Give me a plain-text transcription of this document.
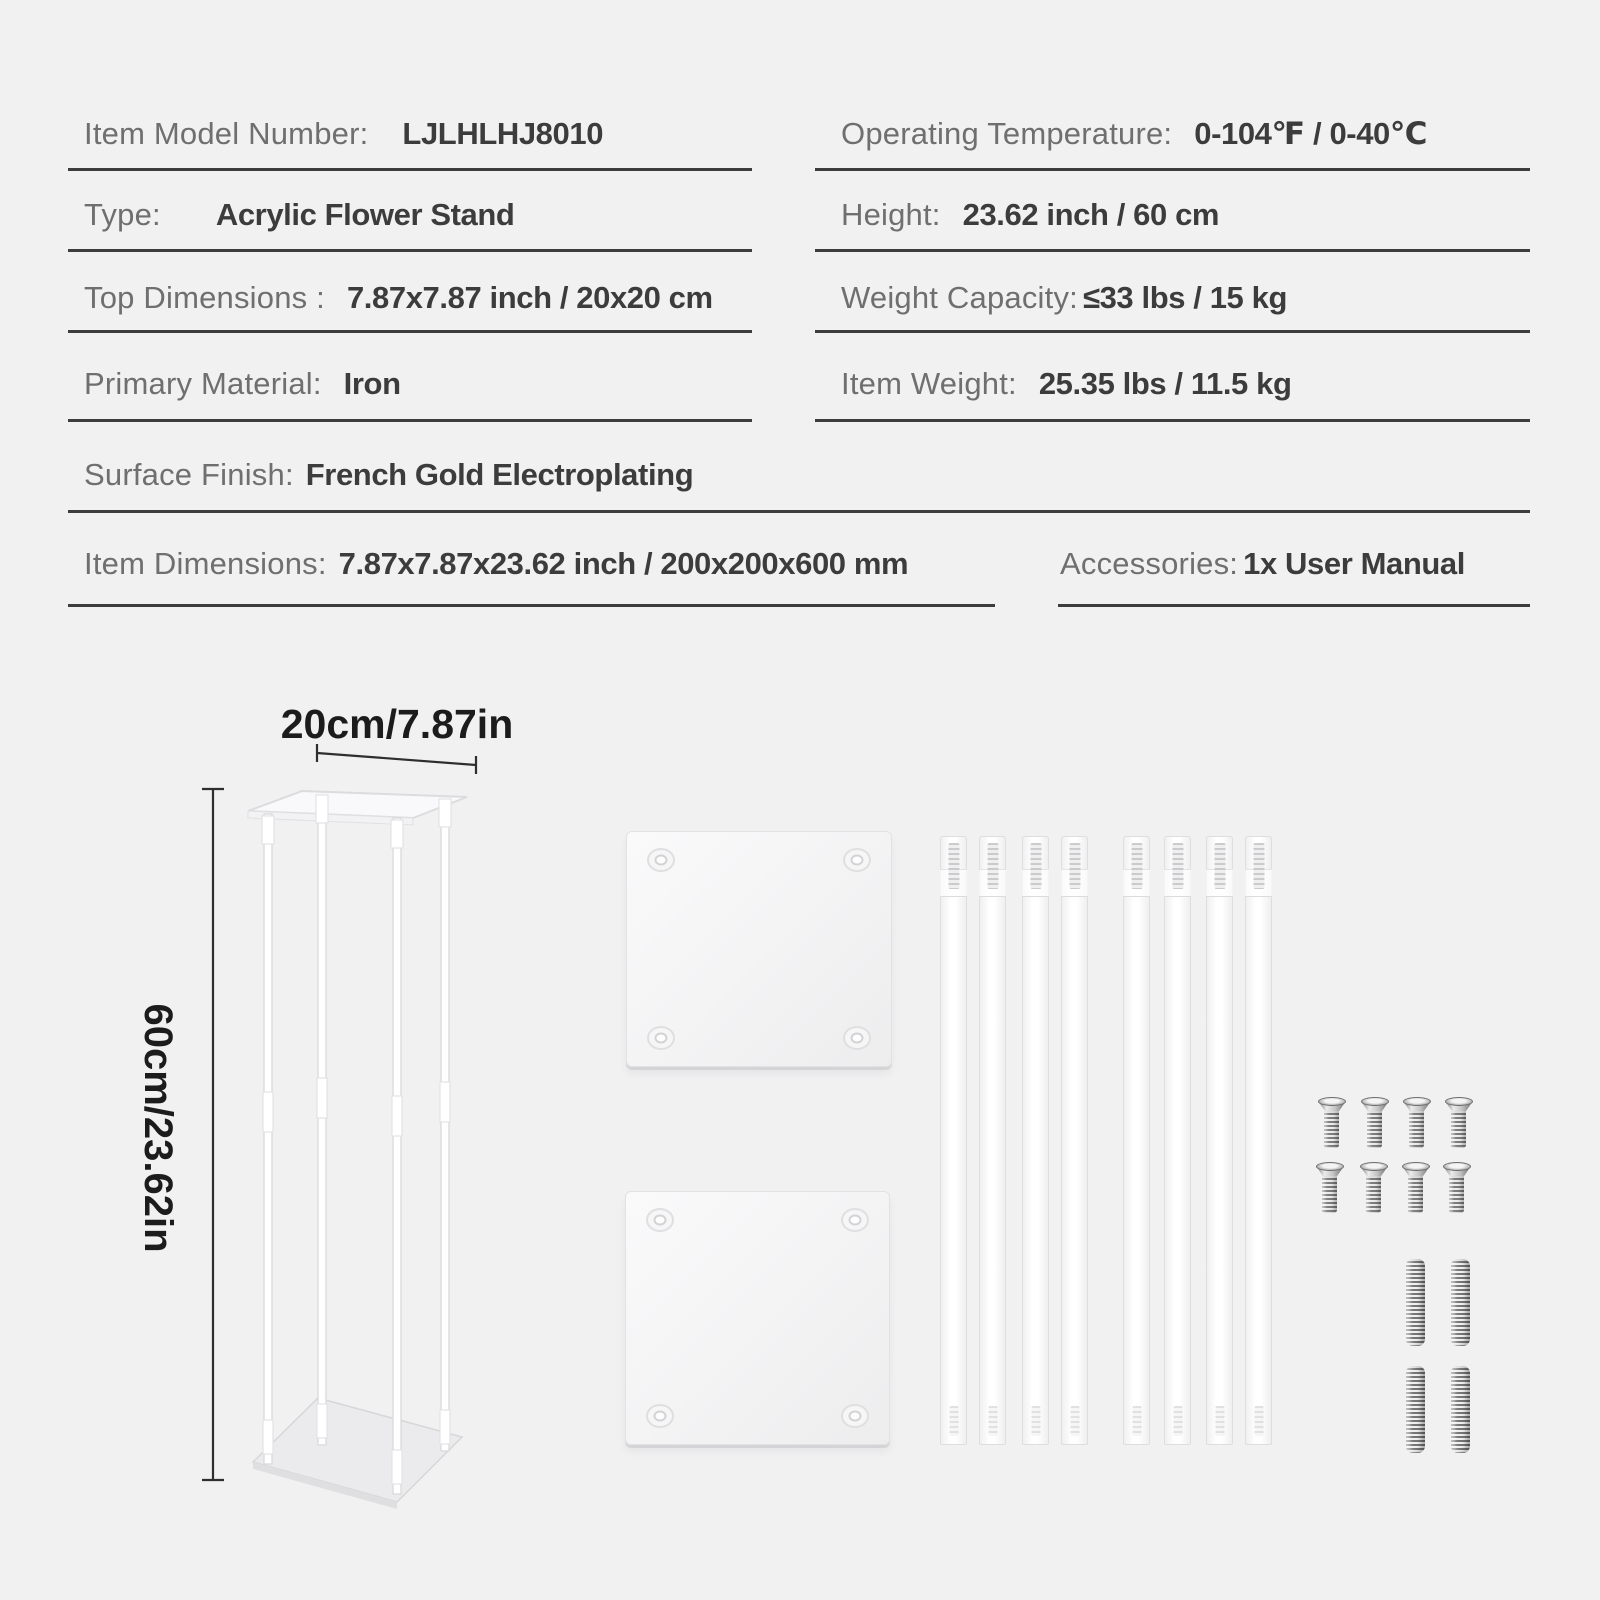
Item Model Number: LJLHLHJ8010	Operating Temperature: 0-104℉ / 0-40℃
Type: Acrylic Flower Stand	Height: 23.62 inch / 60 cm
Top Dimensions : 7.87x7.87 inch / 20x20 cm	Weight Capacity: ≤33 lbs / 15 kg
Primary Material: Iron	Item Weight: 25.35 lbs / 11.5 kg
Surface Finish: French Gold Electroplating
Item Dimensions: 7.87x7.87x23.62 inch / 200x200x600 mm	Accessories: 1x User Manual
20cm/7.87in
60cm/23.62in
